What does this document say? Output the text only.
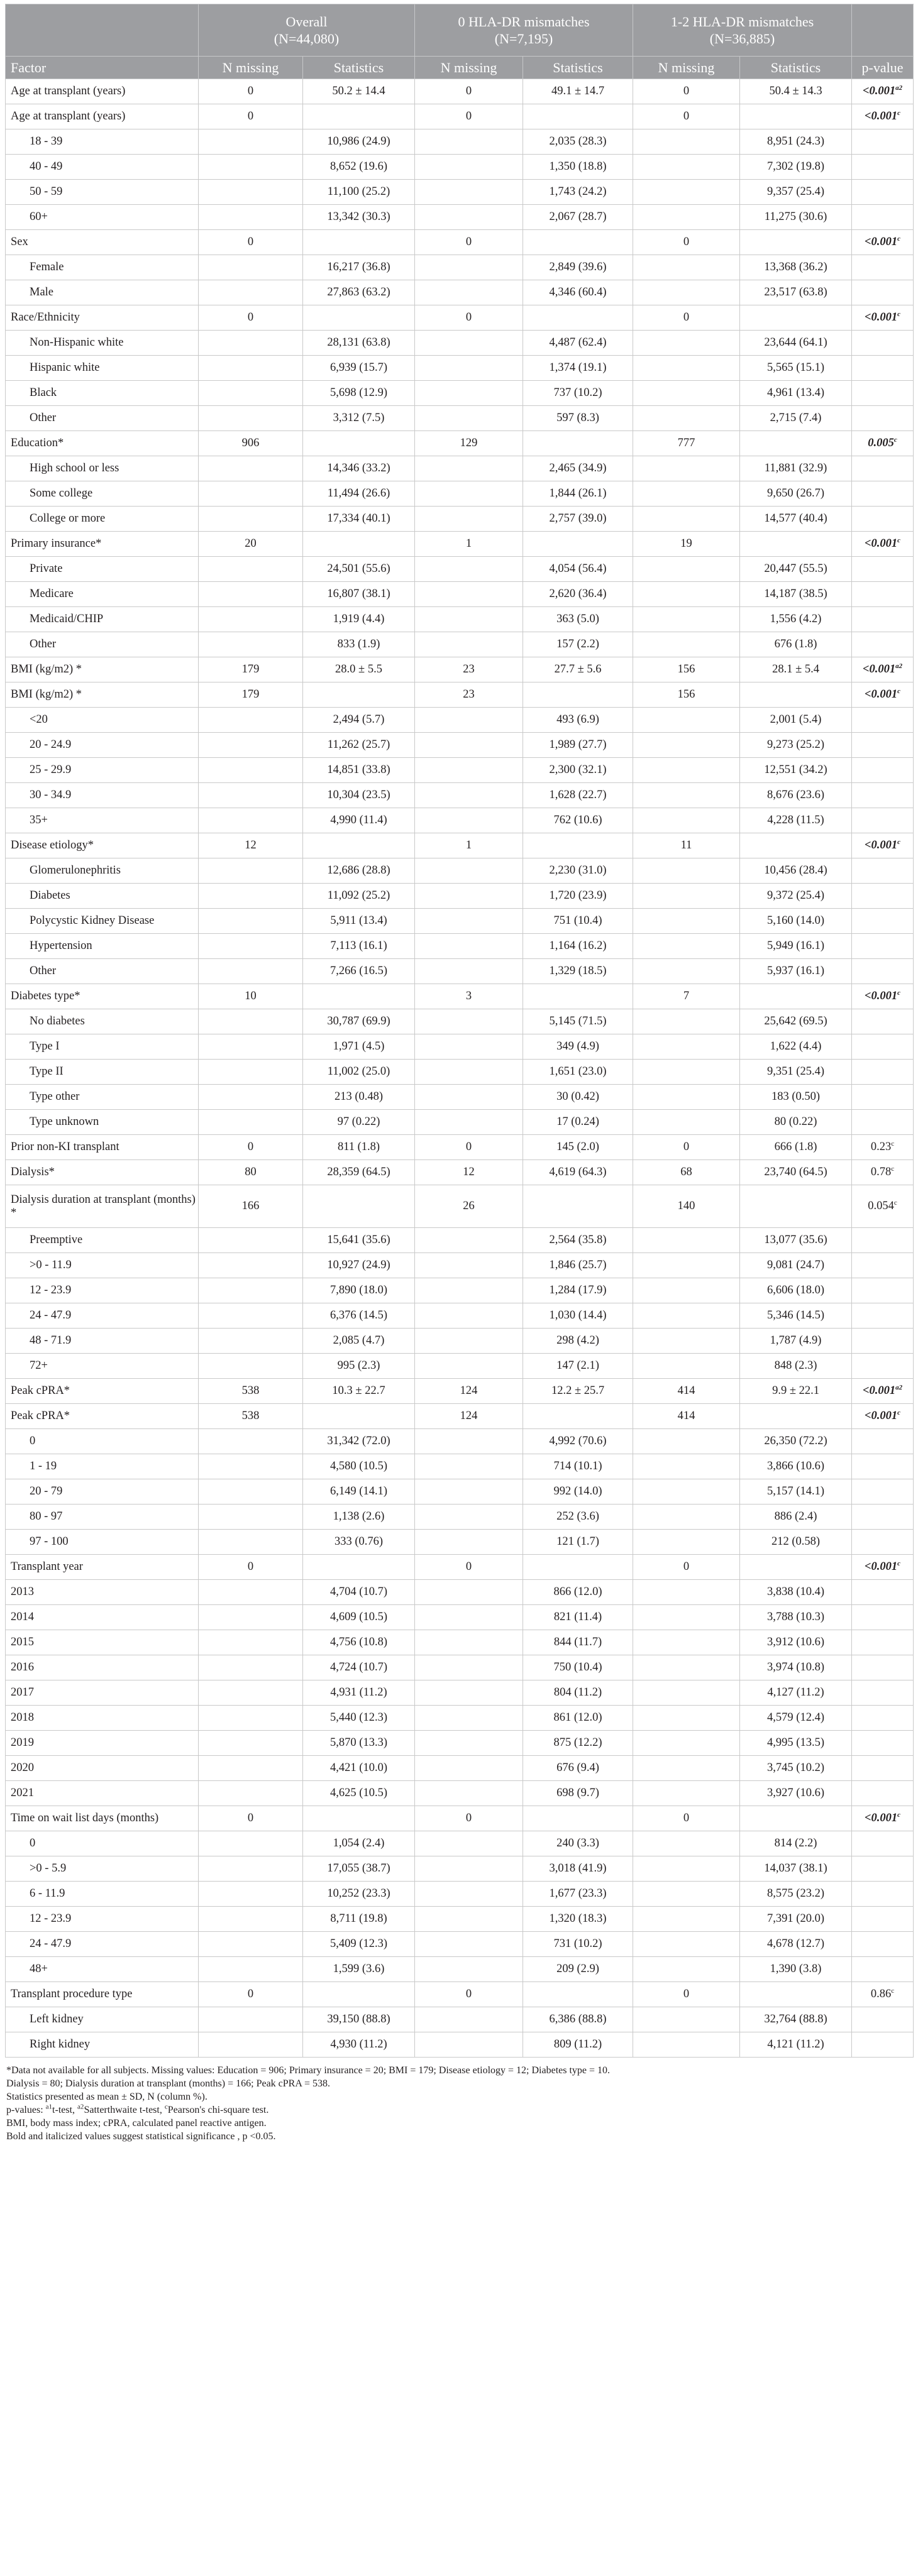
	Overall
(N=44,080)		0 HLA-DR mismatches
(N=7,195)		1-2 HLA-DR mismatches
(N=36,885)		
Factor	N missing	Statistics	N missing	Statistics	N missing	Statistics	p-value
Age at transplant (years)	0	50.2 ± 14.4	0	49.1 ± 14.7	0	50.4 ± 14.3	$<0.001^{a2}$
Age at transplant (years)	0		0		0		<0.001$^c$
18 - 39		10,986 (24.9)		2,035 (28.3)		8,951 (24.3)	
40 - 49		8,652 (19.6)		1,350 (18.8)		7,302 (19.8)	
50 - 59		11,100 (25.2)		1,743 (24.2)		9,357 (25.4)	
60+		13,342 (30.3)		2,067 (28.7)		11,275 (30.6)	
Sex	0		0		0		<0.001$^c$
Female		16,217 (36.8)		2,849 (39.6)		13,368 (36.2)	
Male		27,863 (63.2)		4,346 (60.4)		23,517 (63.8)	
Race/Ethnicity	0		0		0		<0.001$^c$
Non-Hispanic white		28,131 (63.8)		4,487 (62.4)		23,644 (64.1)	
Hispanic white		6,939 (15.7)		1,374 (19.1)		5,565 (15.1)	
Black		5,698 (12.9)		737 (10.2)		4,961 (13.4)	
Other		3,312 (7.5)		597 (8.3)		2,715 (7.4)	
Education*	906		129		777		0.005$^c$
High school or less		14,346 (33.2)		2,465 (34.9)		11,881 (32.9)	
Some college		11,494 (26.6)		1,844 (26.1)		9,650 (26.7)	
College or more		17,334 (40.1)		2,757 (39.0)		14,577 (40.4)	
Primary insurance*	20		1		19		<0.001$^c$
Private		24,501 (55.6)		4,054 (56.4)		20,447 (55.5)	
Medicare		16,807 (38.1)		2,620 (36.4)		14,187 (38.5)	
Medicaid/CHIP		1,919 (4.4)		363 (5.0)		1,556 (4.2)	
Other		833 (1.9)		157 (2.2)		676 (1.8)	
BMI (kg/m2) *	179	28.0 ± 5.5	23	27.7 ± 5.6	156	28.1 ± 5.4	$<0.001^{a2}$
BMI (kg/m2) *	179		23		156		<0.001$^c$
<20		2,494 (5.7)		493 (6.9)		2,001 (5.4)	
20 - 24.9		11,262 (25.7)		1,989 (27.7)		9,273 (25.2)	
25 - 29.9		14,851 (33.8)		2,300 (32.1)		12,551 (34.2)	
30 - 34.9		10,304 (23.5)		1,628 (22.7)		8,676 (23.6)	
35+		4,990 (11.4)		762 (10.6)		4,228 (11.5)	
Disease etiology*	12		1		11		<0.001$^c$
Glomerulonephritis		12,686 (28.8)		2,230 (31.0)		10,456 (28.4)	
Diabetes		11,092 (25.2)		1,720 (23.9)		9,372 (25.4)	
Polycystic Kidney Disease		5,911 (13.4)		751 (10.4)		5,160 (14.0)	
Hypertension		7,113 (16.1)		1,164 (16.2)		5,949 (16.1)	
Other		7,266 (16.5)		1,329 (18.5)		5,937 (16.1)	
Diabetes type*	10		3		7		<0.001$^c$
No diabetes		30,787 (69.9)		5,145 (71.5)		25,642 (69.5)	
Type I		1,971 (4.5)		349 (4.9)		1,622 (4.4)	
Type II		11,002 (25.0)		1,651 (23.0)		9,351 (25.4)	
Type other		213 (0.48)		30 (0.42)		183 (0.50)	
Type unknown		97 (0.22)		17 (0.24)		80 (0.22)	
Prior non-KI transplant	0	811 (1.8)	0	145 (2.0)	0	666 (1.8)	0.23$^c$
Dialysis*	80	28,359 (64.5)	12	4,619 (64.3)	68	23,740 (64.5)	0.78$^c$
Dialysis duration at transplant (months) *	166		26		140		0.054$^c$
Preemptive		15,641 (35.6)		2,564 (35.8)		13,077 (35.6)	
>0 - 11.9		10,927 (24.9)		1,846 (25.7)		9,081 (24.7)	
12 - 23.9		7,890 (18.0)		1,284 (17.9)		6,606 (18.0)	
24 - 47.9		6,376 (14.5)		1,030 (14.4)		5,346 (14.5)	
48 - 71.9		2,085 (4.7)		298 (4.2)		1,787 (4.9)	
72+		995 (2.3)		147 (2.1)		848 (2.3)	
Peak cPRA*	538	10.3 ± 22.7	124	12.2 ± 25.7	414	9.9 ± 22.1	$<0.001^{a2}$
Peak cPRA*	538		124		414		<0.001$^c$
0		31,342 (72.0)		4,992 (70.6)		26,350 (72.2)	
1 - 19		4,580 (10.5)		714 (10.1)		3,866 (10.6)	
20 - 79		6,149 (14.1)		992 (14.0)		5,157 (14.1)	
80 - 97		1,138 (2.6)		252 (3.6)		886 (2.4)	
97 - 100		333 (0.76)		121 (1.7)		212 (0.58)	
Transplant year	0		0		0		<0.001$^c$
2013		4,704 (10.7)		866 (12.0)		3,838 (10.4)	
2014		4,609 (10.5)		821 (11.4)		3,788 (10.3)	
2015		4,756 (10.8)		844 (11.7)		3,912 (10.6)	
2016		4,724 (10.7)		750 (10.4)		3,974 (10.8)	
2017		4,931 (11.2)		804 (11.2)		4,127 (11.2)	
2018		5,440 (12.3)		861 (12.0)		4,579 (12.4)	
2019		5,870 (13.3)		875 (12.2)		4,995 (13.5)	
2020		4,421 (10.0)		676 (9.4)		3,745 (10.2)	
2021		4,625 (10.5)		698 (9.7)		3,927 (10.6)	
Time on wait list days (months)	0		0		0		<0.001$^c$
0		1,054 (2.4)		240 (3.3)		814 (2.2)	
>0 - 5.9		17,055 (38.7)		3,018 (41.9)		14,037 (38.1)	
6 - 11.9		10,252 (23.3)		1,677 (23.3)		8,575 (23.2)	
12 - 23.9		8,711 (19.8)		1,320 (18.3)		7,391 (20.0)	
24 - 47.9		5,409 (12.3)		731 (10.2)		4,678 (12.7)	
48+		1,599 (3.6)		209 (2.9)		1,390 (3.8)	
Transplant procedure type	0		0		0		0.86$^c$
Left kidney		39,150 (88.8)		6,386 (88.8)		32,764 (88.8)	
Right kidney		4,930 (11.2)		809 (11.2)		4,121 (11.2)	
*Data not available for all subjects. Missing values: Education = 906; Primary insurance = 20; BMI = 179; Disease etiology = 12; Diabetes type = 10.
Dialysis = 80; Dialysis duration at transplant (months) = 166; Peak cPRA = 538.
Statistics presented as mean ± SD, N (column %).
p-values: $^{a1}$t-test, $^{a2}$Satterthwaite t-test, $^c$Pearson's chi-square test.
BMI, body mass index; cPRA, calculated panel reactive antigen.
Bold and italicized values suggest statistical significance , p <0.05.
